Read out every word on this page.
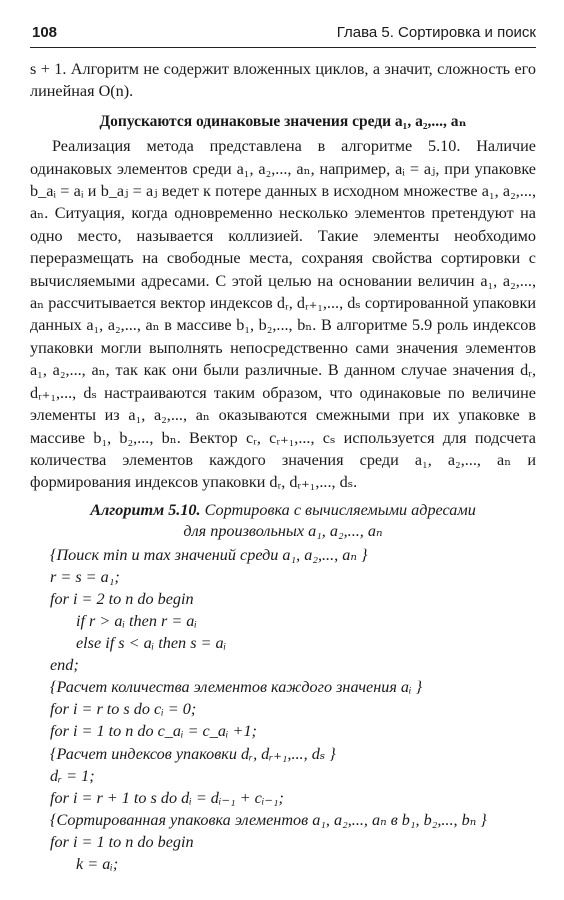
108	Глава 5. Сортировка и поиск

s + 1. Алгоритм не содержит вложенных циклов, а значит, сложность его линейная O(n).

Допускаются одинаковые значения среди a₁, a₂,..., aₙ

Реализация метода представлена в алгоритме 5.10. Наличие одинаковых элементов среди a₁, a₂,..., aₙ, например, aᵢ = aⱼ, при упаковке b_aᵢ = aᵢ и b_aⱼ = aⱼ ведет к потере данных в исходном множестве a₁, a₂,..., aₙ. Ситуация, когда одновременно несколько элементов претендуют на одно место, называется коллизией. Такие элементы необходимо переразмещать на свободные места, сохраняя свойства сортировки с вычисляемыми адресами. С этой целью на основании величин a₁, a₂,..., aₙ рассчитывается вектор индексов dᵣ, dᵣ₊₁,..., dₛ сортированной упаковки данных a₁, a₂,..., aₙ в массиве b₁, b₂,..., bₙ. В алгоритме 5.9 роль индексов упаковки могли выполнять непосредственно сами значения элементов a₁, a₂,..., aₙ, так как они были различные. В данном случае значения dᵣ, dᵣ₊₁,..., dₛ настраиваются таким образом, что одинаковые по величине элементы из a₁, a₂,..., aₙ оказываются смежными при их упаковке в массиве b₁, b₂,..., bₙ. Вектор cᵣ, cᵣ₊₁,..., cₛ используется для подсчета количества элементов каждого значения среди a₁, a₂,..., aₙ и формирования индексов упаковки dᵣ, dᵣ₊₁,..., dₛ.

Алгоритм 5.10. Сортировка с вычисляемыми адресами
для произвольных a₁, a₂,..., aₙ
{Поиск min и max значений среди a₁, a₂,..., aₙ }
r = s = a₁;
for i = 2 to n do begin
if r > aᵢ then r = aᵢ
else if s < aᵢ then s = aᵢ
end;
{Расчет количества элементов каждого значения aᵢ }
for i = r to s do cᵢ = 0;
for i = 1 to n do c_aᵢ = c_aᵢ +1;
{Расчет индексов упаковки dᵣ, dᵣ₊₁,..., dₛ }
dᵣ = 1;
for i = r + 1 to s do dᵢ = dᵢ₋₁ + cᵢ₋₁;
{Сортированная упаковка элементов a₁, a₂,..., aₙ в b₁, b₂,..., bₙ }
for i = 1 to n do begin
k = aᵢ;
